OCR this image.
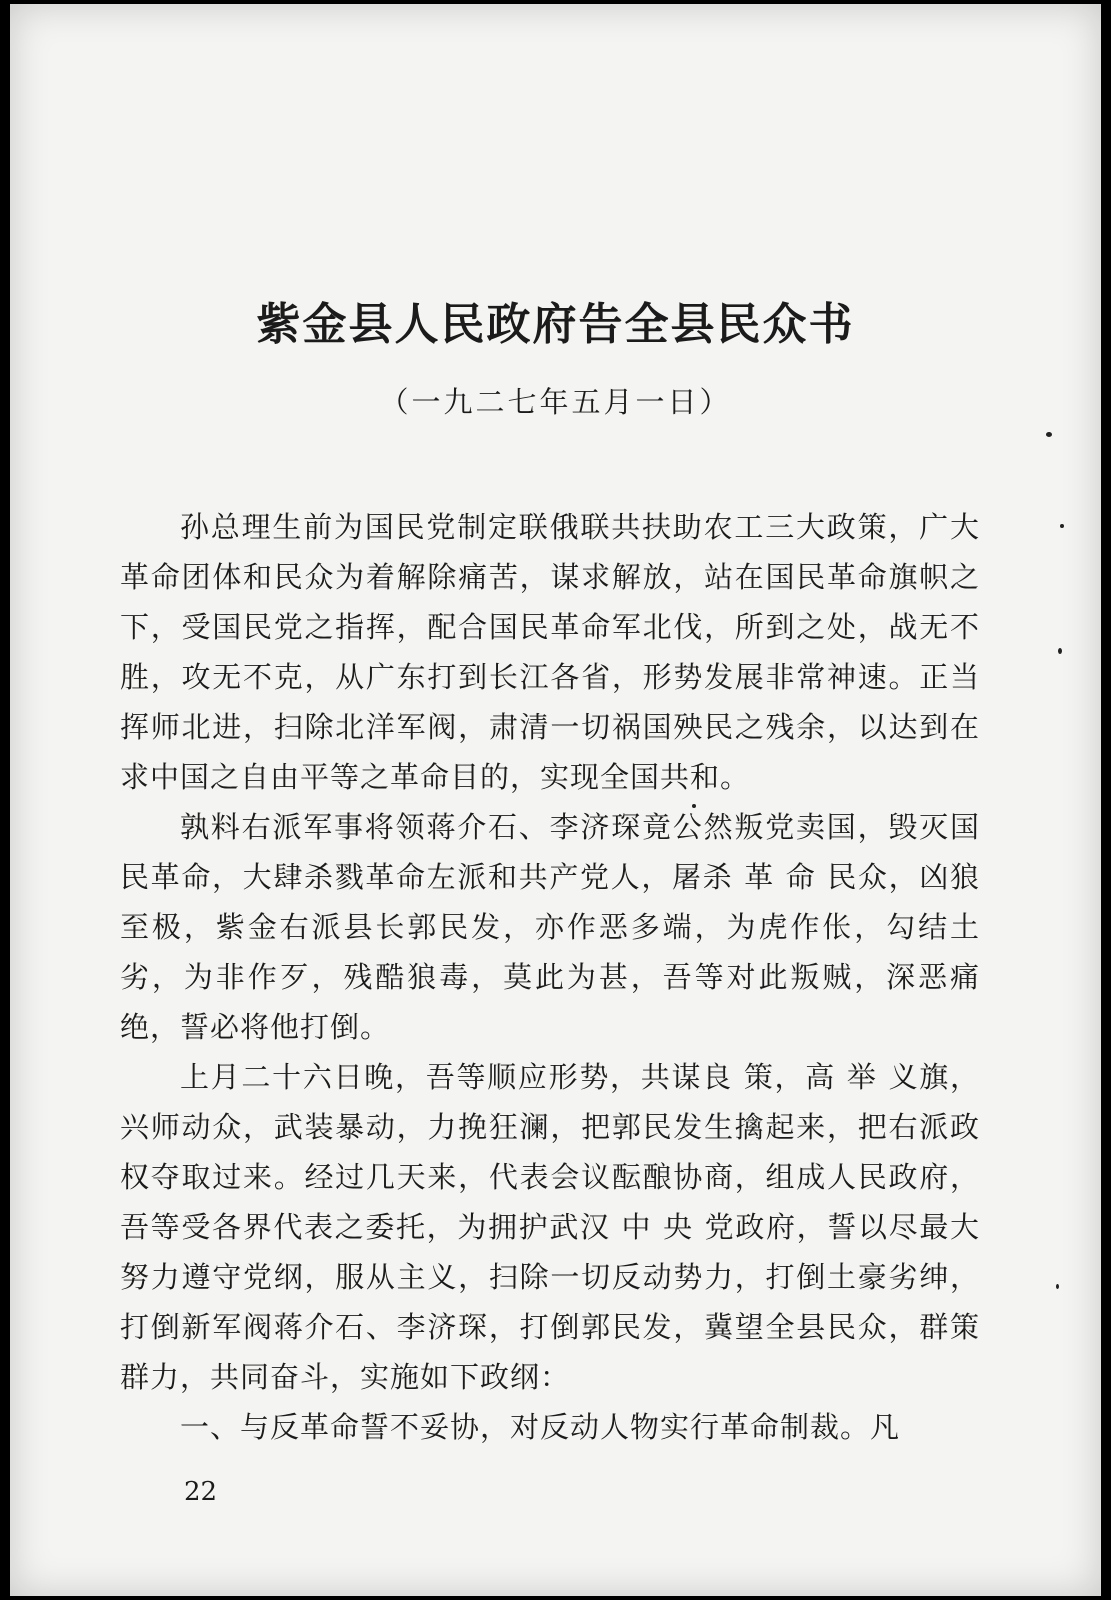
紫金县人民政府告全县民众书

（一九二七年五月一日）

孙总理生前为国民党制定联俄联共扶助农工三大政策，广大革命团体和民众为着解除痛苦，谋求解放，站在国民革命旗帜之下，受国民党之指挥，配合国民革命军北伐，所到之处，战无不胜，攻无不克，从广东打到长江各省，形势发展非常神速。正当挥师北进，扫除北洋军阀，肃清一切祸国殃民之残余，以达到在求中国之自由平等之革命目的，实现全国共和。

孰料右派军事将领蒋介石、李济琛竟公然叛党卖国，毁灭国民革命，大肆杀戮革命左派和共产党人，屠杀 革 命 民众，凶狼至极，紫金右派县长郭民发，亦作恶多端，为虎作伥，勾结土劣，为非作歹，残酷狼毒，莫此为甚，吾等对此叛贼，深恶痛绝，誓必将他打倒。

上月二十六日晚，吾等顺应形势，共谋良 策，高 举 义旗，兴师动众，武装暴动，力挽狂澜，把郭民发生擒起来，把右派政权夺取过来。经过几天来，代表会议酝酿协商，组成人民政府，吾等受各界代表之委托，为拥护武汉 中 央 党政府，誓以尽最大努力遵守党纲，服从主义，扫除一切反动势力，打倒土豪劣绅，打倒新军阀蒋介石、李济琛，打倒郭民发，冀望全县民众，群策群力，共同奋斗，实施如下政纲：

一、与反革命誓不妥协，对反动人物实行革命制裁。凡

22
